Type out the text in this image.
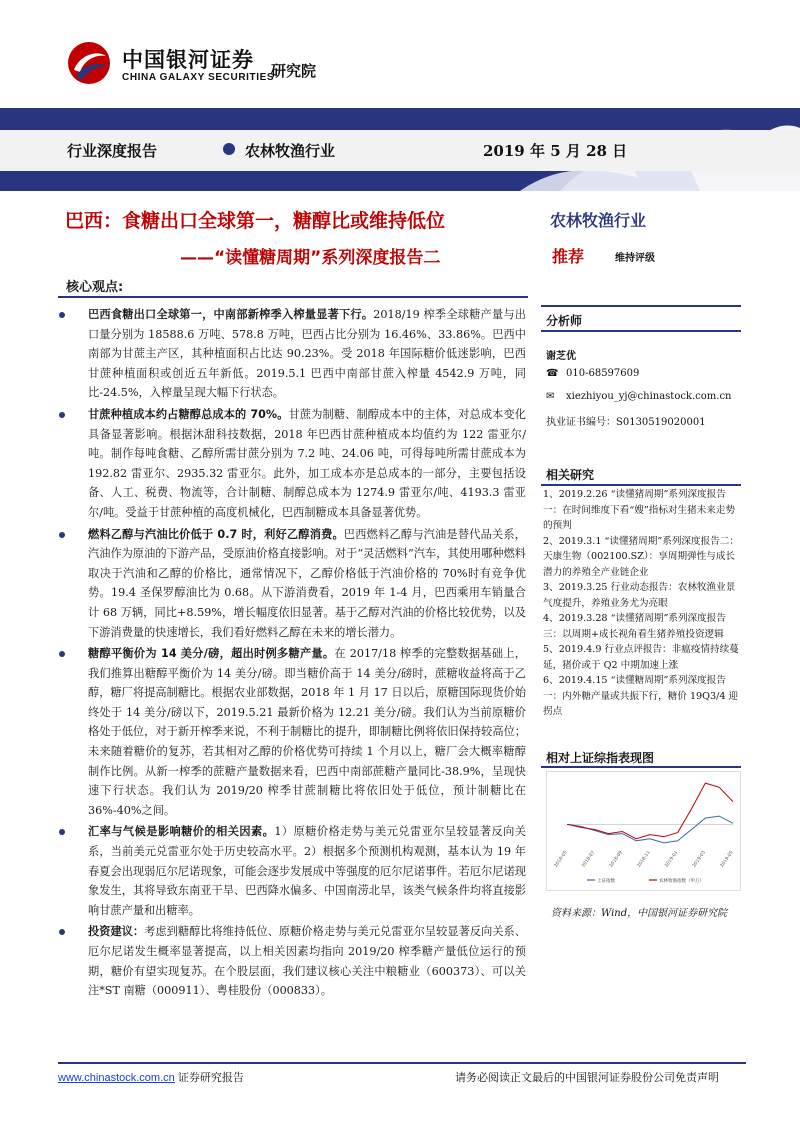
中国银河证券
CHINA GALAXY SECURITIES
研究院
行业深度报告	农林牧渔行业	2019 年 5 月 28 日
巴西：食糖出口全球第一，糖醇比或维持低位
——“读懂糖周期”系列深度报告二
农林牧渔行业
推荐	维持评级
核心观点:
巴西食糖出口全球第一，中南部新榨季入榨量显著下行。2018/19 榨季全球糖产量与出口量分别为 18588.6 万吨、578.8 万吨，巴西占比分别为 16.46%、33.86%。巴西中南部为甘蔗主产区，其种植面积占比达 90.23%。受 2018 年国际糖价低迷影响，巴西甘蔗种植面积或创近五年新低。2019.5.1 巴西中南部甘蔗入榨量 4542.9 万吨，同比-24.5%，入榨量呈现大幅下行状态。
甘蔗种植成本约占糖醇总成本的 70%。甘蔗为制糖、制醇成本中的主体，对总成本变化具备显著影响。根据沐甜科技数据，2018 年巴西甘蔗种植成本均值约为 122 雷亚尔/吨。制作每吨食糖、乙醇所需甘蔗分别为 7.2 吨、24.06 吨，可得每吨所需甘蔗成本为 192.82 雷亚尔、2935.32 雷亚尔。此外，加工成本亦是总成本的一部分，主要包括设备、人工、税费、物流等，合计制糖、制醇总成本为 1274.9 雷亚尔/吨、4193.3 雷亚尔/吨。受益于甘蔗种植的高度机械化，巴西制糖成本具备显著优势。
燃料乙醇与汽油比价低于 0.7 时，利好乙醇消费。巴西燃料乙醇与汽油是替代品关系，汽油作为原油的下游产品，受原油价格直接影响。对于“灵活燃料”汽车，其使用哪种燃料取决于汽油和乙醇的价格比，通常情况下，乙醇价格低于汽油价格的 70%时有竞争优势。19.4 圣保罗醇油比为 0.68。从下游消费看，2019 年 1-4 月，巴西乘用车销量合计 68 万辆，同比+8.59%，增长幅度依旧显著。基于乙醇对汽油的价格比较优势，以及下游消费量的快速增长，我们看好燃料乙醇在未来的增长潜力。
糖醇平衡价为 14 美分/磅，超出时例多糖产量。在 2017/18 榨季的完整数据基础上，我们推算出糖醇平衡价为 14 美分/磅。即当糖价高于 14 美分/磅时，蔗糖收益将高于乙醇，糖厂将提高制糖比。根据农业部数据，2018 年 1 月 17 日以后，原糖国际现货价始终处于 14 美分/磅以下，2019.5.21 最新价格为 12.21 美分/磅。我们认为当前原糖价格处于低位，对于新开榨季来说，不利于制糖比的提升，即制糖比例将依旧保持较高位；未来随着糖价的复苏，若其相对乙醇的价格优势可持续 1 个月以上，糖厂会大概率糖醇制作比例。从新一榨季的蔗糖产量数据来看，巴西中南部蔗糖产量同比-38.9%，呈现快速下行状态。我们认为 2019/20 榨季甘蔗制糖比将依旧处于低位，预计制糖比在 36%-40%之间。
汇率与气候是影响糖价的相关因素。1）原糖价格走势与美元兑雷亚尔呈较显著反向关系，当前美元兑雷亚尔处于历史较高水平。2）根据多个预测机构观测，基本认为 19 年春夏会出现弱厄尔尼诺现象，可能会逐步发展成中等强度的厄尔尼诺事件。若厄尔尼诺现象发生，其将导致东南亚干旱、巴西降水偏多、中国南涝北旱，该类气候条件均将直接影响甘蔗产量和出糖率。
投资建议：考虑到糖醇比将维持低位、原糖价格走势与美元兑雷亚尔呈较显著反向关系、厄尔尼诺发生概率显著提高，以上相关因素均指向 2019/20 榨季糖产量低位运行的预期，糖价有望实现复苏。在个股层面，我们建议核心关注中粮糖业（600373）、可以关注*ST 南糖（000911）、粤桂股份（000833）。
分析师
谢芝优
☎ 010-68597609
✉ xiezhiyou_yj@chinastock.com.cn
执业证书编号：S0130519020001
相关研究
1、2019.2.26 “读懂猪周期”系列深度报告一：在时间维度下看“嫂”指标对生猪未来走势的预判
2、2019.3.1 “读懂猪周期”系列深度报告二：天康生物（002100.SZ）：享周期弹性与成长潜力的养殖全产业链企业
3、2019.3.25 行业动态报告：农林牧渔业景气度提升，养殖业务尤为亮眼
4、2019.3.28 “读懂猪周期”系列深度报告三：以周期+成长视角看生猪养殖投资逻辑
5、2019.4.9 行业点评报告：非瘟疫情持续蔓延，猪价或于 Q2 中期加速上涨
6、2019.4.15 “读懂糖周期”系列深度报告一：内外糖产量或共振下行，糖价 19Q3/4 迎拐点
相对上证综指表现图
2018-05	2018-07	2018-09	2018-11	2019-01	2019-03	2019-05
上证指数	农林牧渔指数（申万）
资料来源：Wind，中国银河证券研究院
www.chinastock.com.cn 证券研究报告	请务必阅读正文最后的中国银河证券股份公司免责声明
